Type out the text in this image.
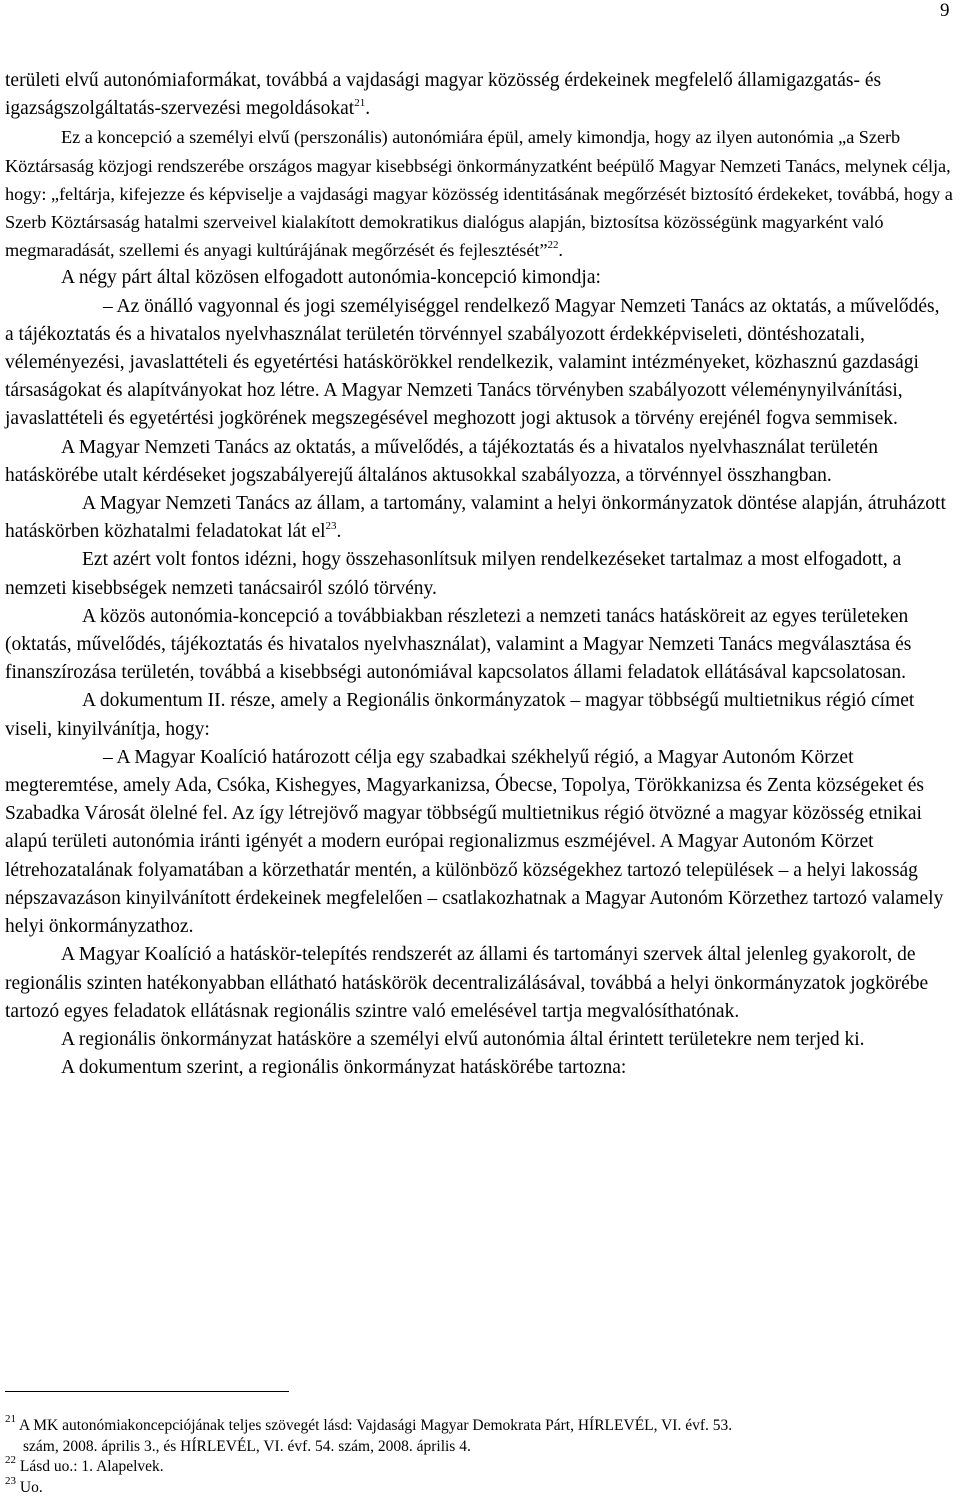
9

területi elvű autonómiaformákat, továbbá a vajdasági magyar közösség érdekeinek megfelelő államigazgatás- és igazságszolgáltatás-szervezési megoldásokat$^{21}$.

Ez a koncepció a személyi elvű (perszonális) autonómiára épül, amely kimondja, hogy az ilyen autonómia „a Szerb Köztársaság közjogi rendszerébe országos magyar kisebbségi önkormányzatként beépülő Magyar Nemzeti Tanács, melynek célja, hogy: „feltárja, kifejezze és képviselje a vajdasági magyar közösség identitásának megőrzését biztosító érdekeket, továbbá, hogy a Szerb Köztársaság hatalmi szerveivel kialakított demokratikus dialógus alapján, biztosítsa közösségünk magyarként való megmaradását, szellemi és anyagi kultúrájának megőrzését és fejlesztését”$^{22}$.

A négy párt által közösen elfogadott autonómia-koncepció kimondja:

– Az önálló vagyonnal és jogi személyiséggel rendelkező Magyar Nemzeti Tanács az oktatás, a művelődés, a tájékoztatás és a hivatalos nyelvhasználat területén törvénnyel szabályozott érdekképviseleti, döntéshozatali, véleményezési, javaslattételi és egyetértési hatáskörökkel rendelkezik, valamint intézményeket, közhasznú gazdasági társaságokat és alapítványokat hoz létre. A Magyar Nemzeti Tanács törvényben szabályozott véleménynyilvánítási, javaslattételi és egyetértési jogkörének megszegésével meghozott jogi aktusok a törvény erejénél fogva semmisek.

A Magyar Nemzeti Tanács az oktatás, a művelődés, a tájékoztatás és a hivatalos nyelvhasználat területén hatáskörébe utalt kérdéseket jogszabályerejű általános aktusokkal szabályozza, a törvénnyel összhangban.

A Magyar Nemzeti Tanács az állam, a tartomány, valamint a helyi önkormányzatok döntése alapján, átruházott hatáskörben közhatalmi feladatokat lát $el^{23}$.

Ezt azért volt fontos idézni, hogy összehasonlítsuk milyen rendelkezéseket tartalmaz a most elfogadott, a nemzeti kisebbségek nemzeti tanácsairól szóló törvény.

A közös autonómia-koncepció a továbbiakban részletezi a nemzeti tanács hatásköreit az egyes területeken (oktatás, művelődés, tájékoztatás és hivatalos nyelvhasználat), valamint a Magyar Nemzeti Tanács megválasztása és finanszírozása területén, továbbá a kisebbségi autonómiával kapcsolatos állami feladatok ellátásával kapcsolatosan.

A dokumentum II. része, amely a Regionális önkormányzatok – magyar többségű multietnikus régió címet viseli, kinyilvánítja, hogy:

– A Magyar Koalíció határozott célja egy szabadkai székhelyű régió, a Magyar Autonóm Körzet megteremtése, amely Ada, Csóka, Kishegyes, Magyarkanizsa, Óbecse, Topolya, Törökkanizsa és Zenta községeket és Szabadka Városát ölelné fel. Az így létrejövő magyar többségű multietnikus régió ötvözné a magyar közösség etnikai alapú területi autonómia iránti igényét a modern európai regionalizmus eszméjével. A Magyar Autonóm Körzet létrehozatalának folyamatában a körzethatár mentén, a különböző községekhez tartozó települések – a helyi lakosság népszavazáson kinyilvánított érdekeinek megfelelően – csatlakozhatnak a Magyar Autonóm Körzethez tartozó valamely helyi önkormányzathoz.

A Magyar Koalíció a hatáskör-telepítés rendszerét az állami és tartományi szervek által jelenleg gyakorolt, de regionális szinten hatékonyabban ellátható hatáskörök decentralizálásával, továbbá a helyi önkormányzatok jogkörébe tartozó egyes feladatok ellátásnak regionális szintre való emelésével tartja megvalósíthatónak.

A regionális önkormányzat hatásköre a személyi elvű autonómia által érintett területekre nem terjed ki.

A dokumentum szerint, a regionális önkormányzat hatáskörébe tartozna:

$^{21}$ A MK autonómiakoncepciójának teljes szövegét lásd: Vajdasági Magyar Demokrata Párt, HÍRLEVÉL, VI. évf. 53.
szám, 2008. április 3., és HÍRLEVÉL, VI. évf. 54. szám, 2008. április 4.

$^{22}$ Lásd uo.: 1. Alapelvek.

$^{23}$ Uo.
